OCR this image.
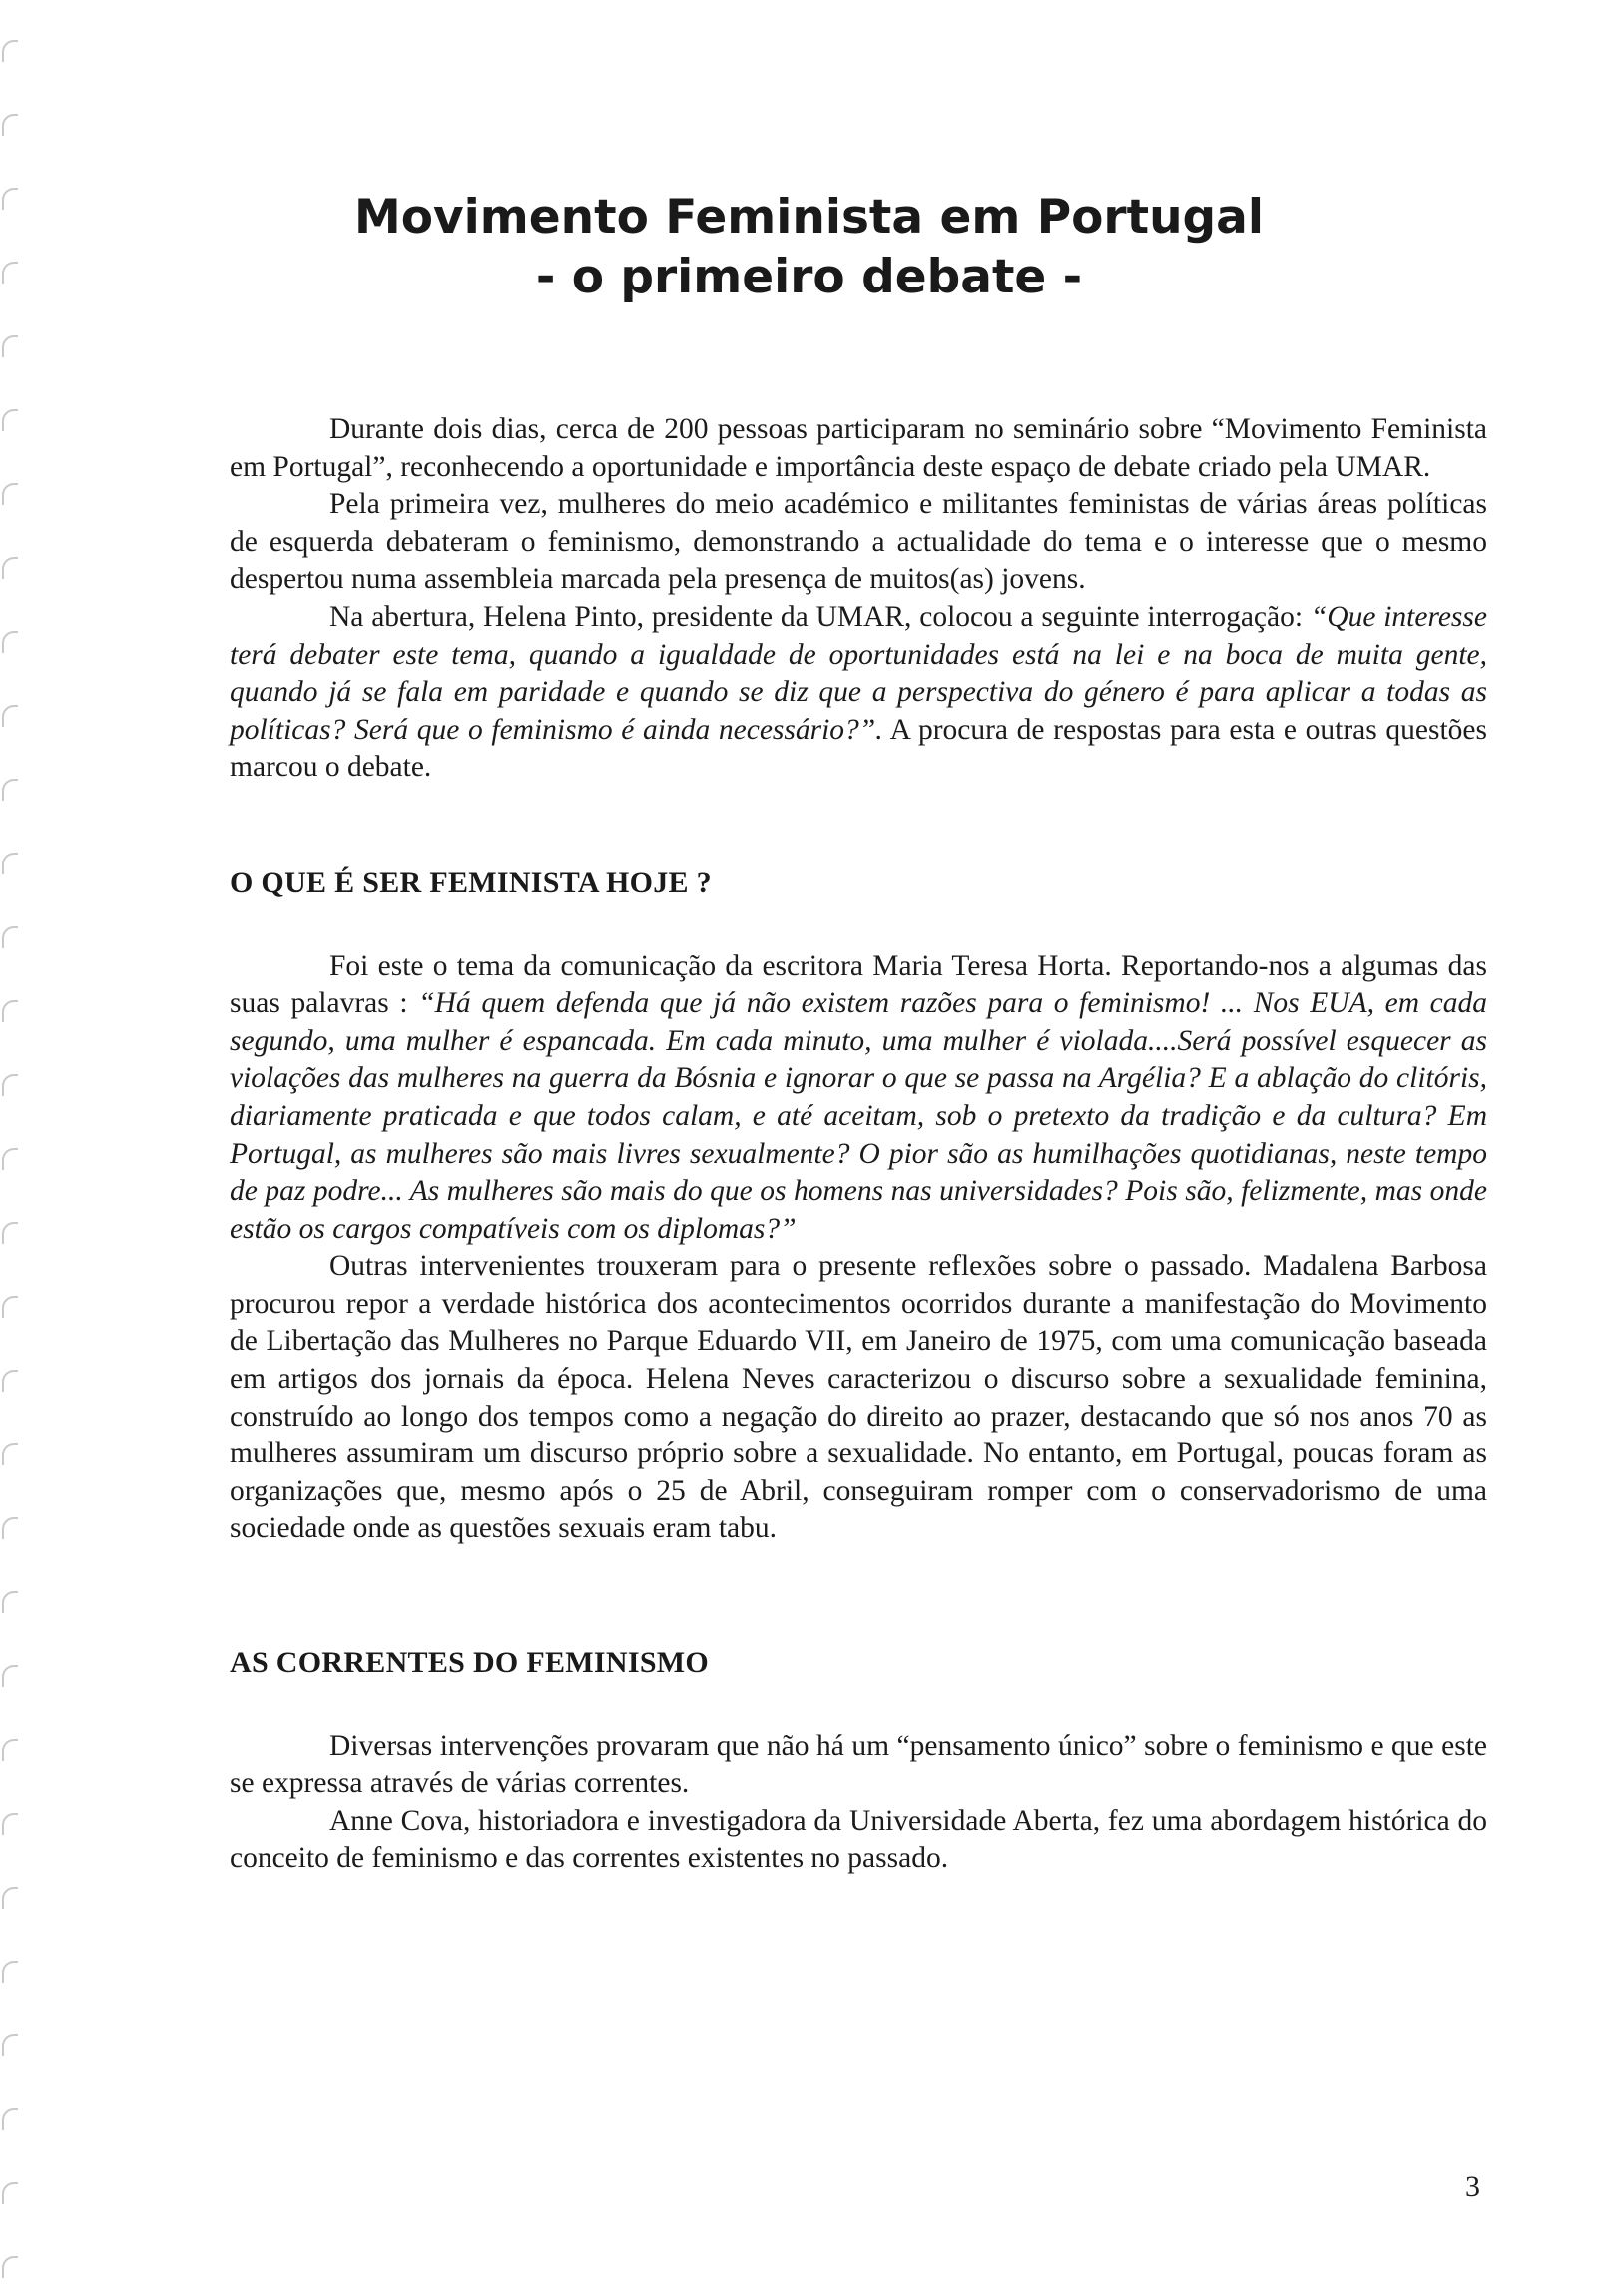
Movimento Feminista em Portugal
- o primeiro debate -

Durante dois dias, cerca de 200 pessoas participaram no seminário sobre “Movimento Feminista em Portugal”, reconhecendo a oportunidade e importância deste espaço de debate criado pela UMAR.

Pela primeira vez, mulheres do meio académico e militantes feministas de várias áreas políticas de esquerda debateram o feminismo, demonstrando a actualidade do tema e o interesse que o mesmo despertou numa assembleia marcada pela presença de muitos(as) jovens.

Na abertura, Helena Pinto, presidente da UMAR, colocou a seguinte interrogação: “Que interesse terá debater este tema, quando a igualdade de oportunidades está na lei e na boca de muita gente, quando já se fala em paridade e quando se diz que a perspectiva do género é para aplicar a todas as políticas? Será que o feminismo é ainda necessário?”. A procura de respostas para esta e outras questões marcou o debate.

O QUE É SER FEMINISTA HOJE ?

Foi este o tema da comunicação da escritora Maria Teresa Horta. Reportando-nos a algumas das suas palavras : “Há quem defenda que já não existem razões para o feminismo! ... Nos EUA, em cada segundo, uma mulher é espancada. Em cada minuto, uma mulher é violada....Será possível esquecer as violações das mulheres na guerra da Bósnia e ignorar o que se passa na Argélia? E a ablação do clitóris, diariamente praticada e que todos calam, e até aceitam, sob o pretexto da tradição e da cultura? Em Portugal, as mulheres são mais livres sexualmente? O pior são as humilhações quotidianas, neste tempo de paz podre... As mulheres são mais do que os homens nas universidades? Pois são, felizmente, mas onde estão os cargos compatíveis com os diplomas?”

Outras intervenientes trouxeram para o presente reflexões sobre o passado. Madalena Barbosa procurou repor a verdade histórica dos acontecimentos ocorridos durante a manifestação do Movimento de Libertação das Mulheres no Parque Eduardo VII, em Janeiro de 1975, com uma comunicação baseada em artigos dos jornais da época. Helena Neves caracterizou o discurso sobre a sexualidade feminina, construído ao longo dos tempos como a negação do direito ao prazer, destacando que só nos anos 70 as mulheres assumiram um discurso próprio sobre a sexualidade. No entanto, em Portugal, poucas foram as organizações que, mesmo após o 25 de Abril, conseguiram romper com o conservadorismo de uma sociedade onde as questões sexuais eram tabu.

AS CORRENTES DO FEMINISMO

Diversas intervenções provaram que não há um “pensamento único” sobre o feminismo e que este se expressa através de várias correntes.

Anne Cova, historiadora e investigadora da Universidade Aberta, fez uma abordagem histórica do conceito de feminismo e das correntes existentes no passado.

3
